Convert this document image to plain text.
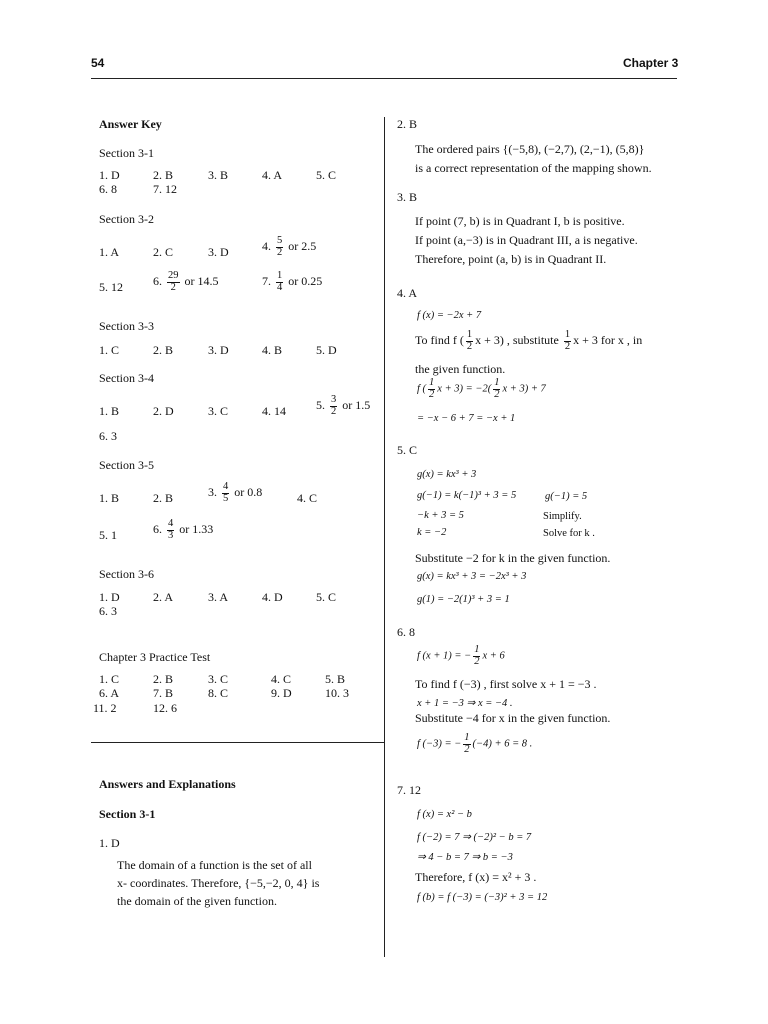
54	Chapter 3
Answer Key
Section 3-1
1. D	2. B	3. B	4. A	5. C
6. 8	7. 12
Section 3-2
1. A	2. C	3. D	4. $\frac{5}{2}$ or 2.5
5. 12	6. $\frac{29}{2}$ or 14.5	7. $\frac{1}{4}$ or 0.25
Section 3-3
1. C	2. B	3. D	4. B	5. D
Section 3-4
1. B	2. D	3. C	4. 14	5. $\frac{3}{2}$ or 1.5
6. 3
Section 3-5
1. B	2. B	3. $\frac{4}{5}$ or 0.8	4. C
5. 1	6. $\frac{4}{3}$ or 1.33
Section 3-6
1. D	2. A	3. A	4. D	5. C
6. 3
Chapter 3 Practice Test
1. C	2. B	3. C	4. C	5. B
6. A	7. B	8. C	9. D	10. 3
11. 2	12. 6
Answers and Explanations
Section 3-1
1. D
The domain of a function is the set of all
x- coordinates. Therefore, {−5,−2, 0, 4} is
the domain of the given function.
2. B
The ordered pairs {(−5,8), (−2,7), (2,−1), (5,8)}
is a correct representation of the mapping shown.
3. B
If point (7, b) is in Quadrant I, b is positive.
If point (a,−3) is in Quadrant III, a is negative.
Therefore, point (a, b) is in Quadrant II.
4. A
f (x) = −2x + 7
To find f ( $\frac{1}{2}$ x + 3) , substitute $\frac{1}{2}$ x + 3 for x , in
the given function.
f ( $\frac{1}{2}$ $x + 3) = -2( \frac{1}{2}$ x + 3) + 7
= −x − 6 + 7 = −x + 1
5. C
g(x) = kx³ + 3
g(−1) = k(−1)³ + 3 = 5	g(−1) = 5
−k + 3 = 5	Simplify.
k = −2	Solve for k .
Substitute −2 for k in the given function.
g(x) = kx³ + 3 = −2x³ + 3
g(1) = −2(1)³ + 3 = 1
6. 8
f (x + 1) = − $\frac{1}{2}$ x + 6
To find f (−3) , first solve x + 1 = −3 .
x + 1 = −3 ⇒ x = −4 .
Substitute −4 for x in the given function.
f (−3) = − $\frac{1}{2} (-4) + 6 = 8$ .
7. 12
f (x) = x² − b
f (−2) = 7 ⇒ (−2)² − b = 7
⇒ 4 − b = 7 ⇒ b = −3
Therefore, f (x) = x² + 3 .
f (b) = f (−3) = (−3)² + 3 = 12
